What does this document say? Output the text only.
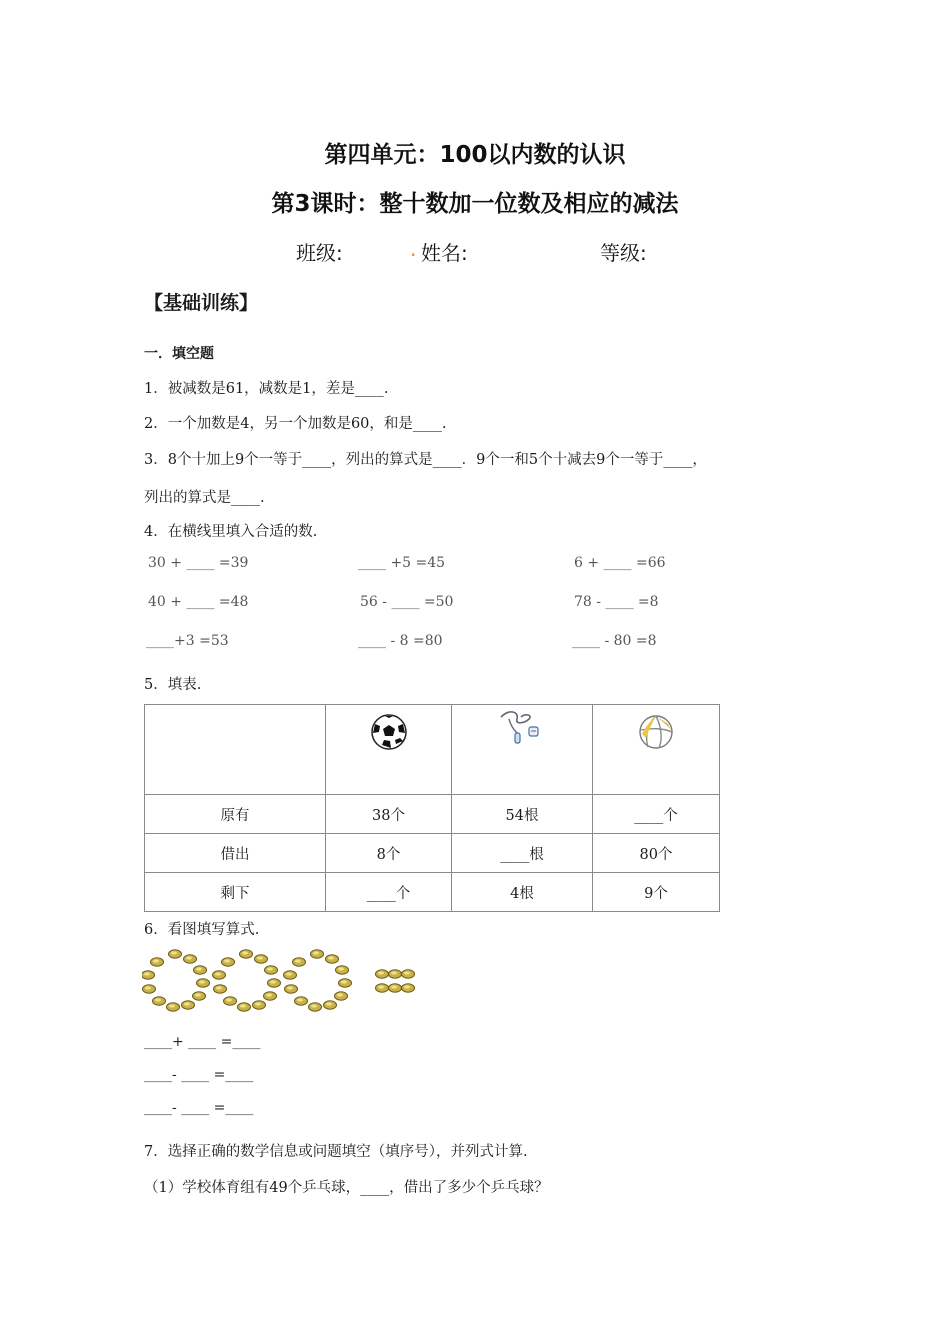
第四单元：100以内数的认识
第3课时：整十数加一位数及相应的减法
班级:	. 姓名:	等级:
【基础训练】
一．填空题
1．被减数是61，减数是1，差是____.
2．一个加数是4，另一个加数是60，和是____.
3．8个十加上9个一等于____，列出的算式是____．9个一和5个十减去9个一等于____，
列出的算式是____.
4．在横线里填入合适的数.
30 + ____ =39	____ +5 =45	6 + ____ =66
40 + ____ =48	56 - ____ =50	78 - ____ =8
____+3 =53	____ - 8 =80	____ - 80 =8
5．填表.

原有	38个	54根	____个
借出	8个	____根	80个
剩下	____个	4根	9个
6．看图填写算式.
____+ ____ =____
____- ____ =____
____- ____ =____
7．选择正确的数学信息或问题填空（填序号），并列式计算.
（1）学校体育组有49个乒乓球，____，借出了多少个乒乓球？
